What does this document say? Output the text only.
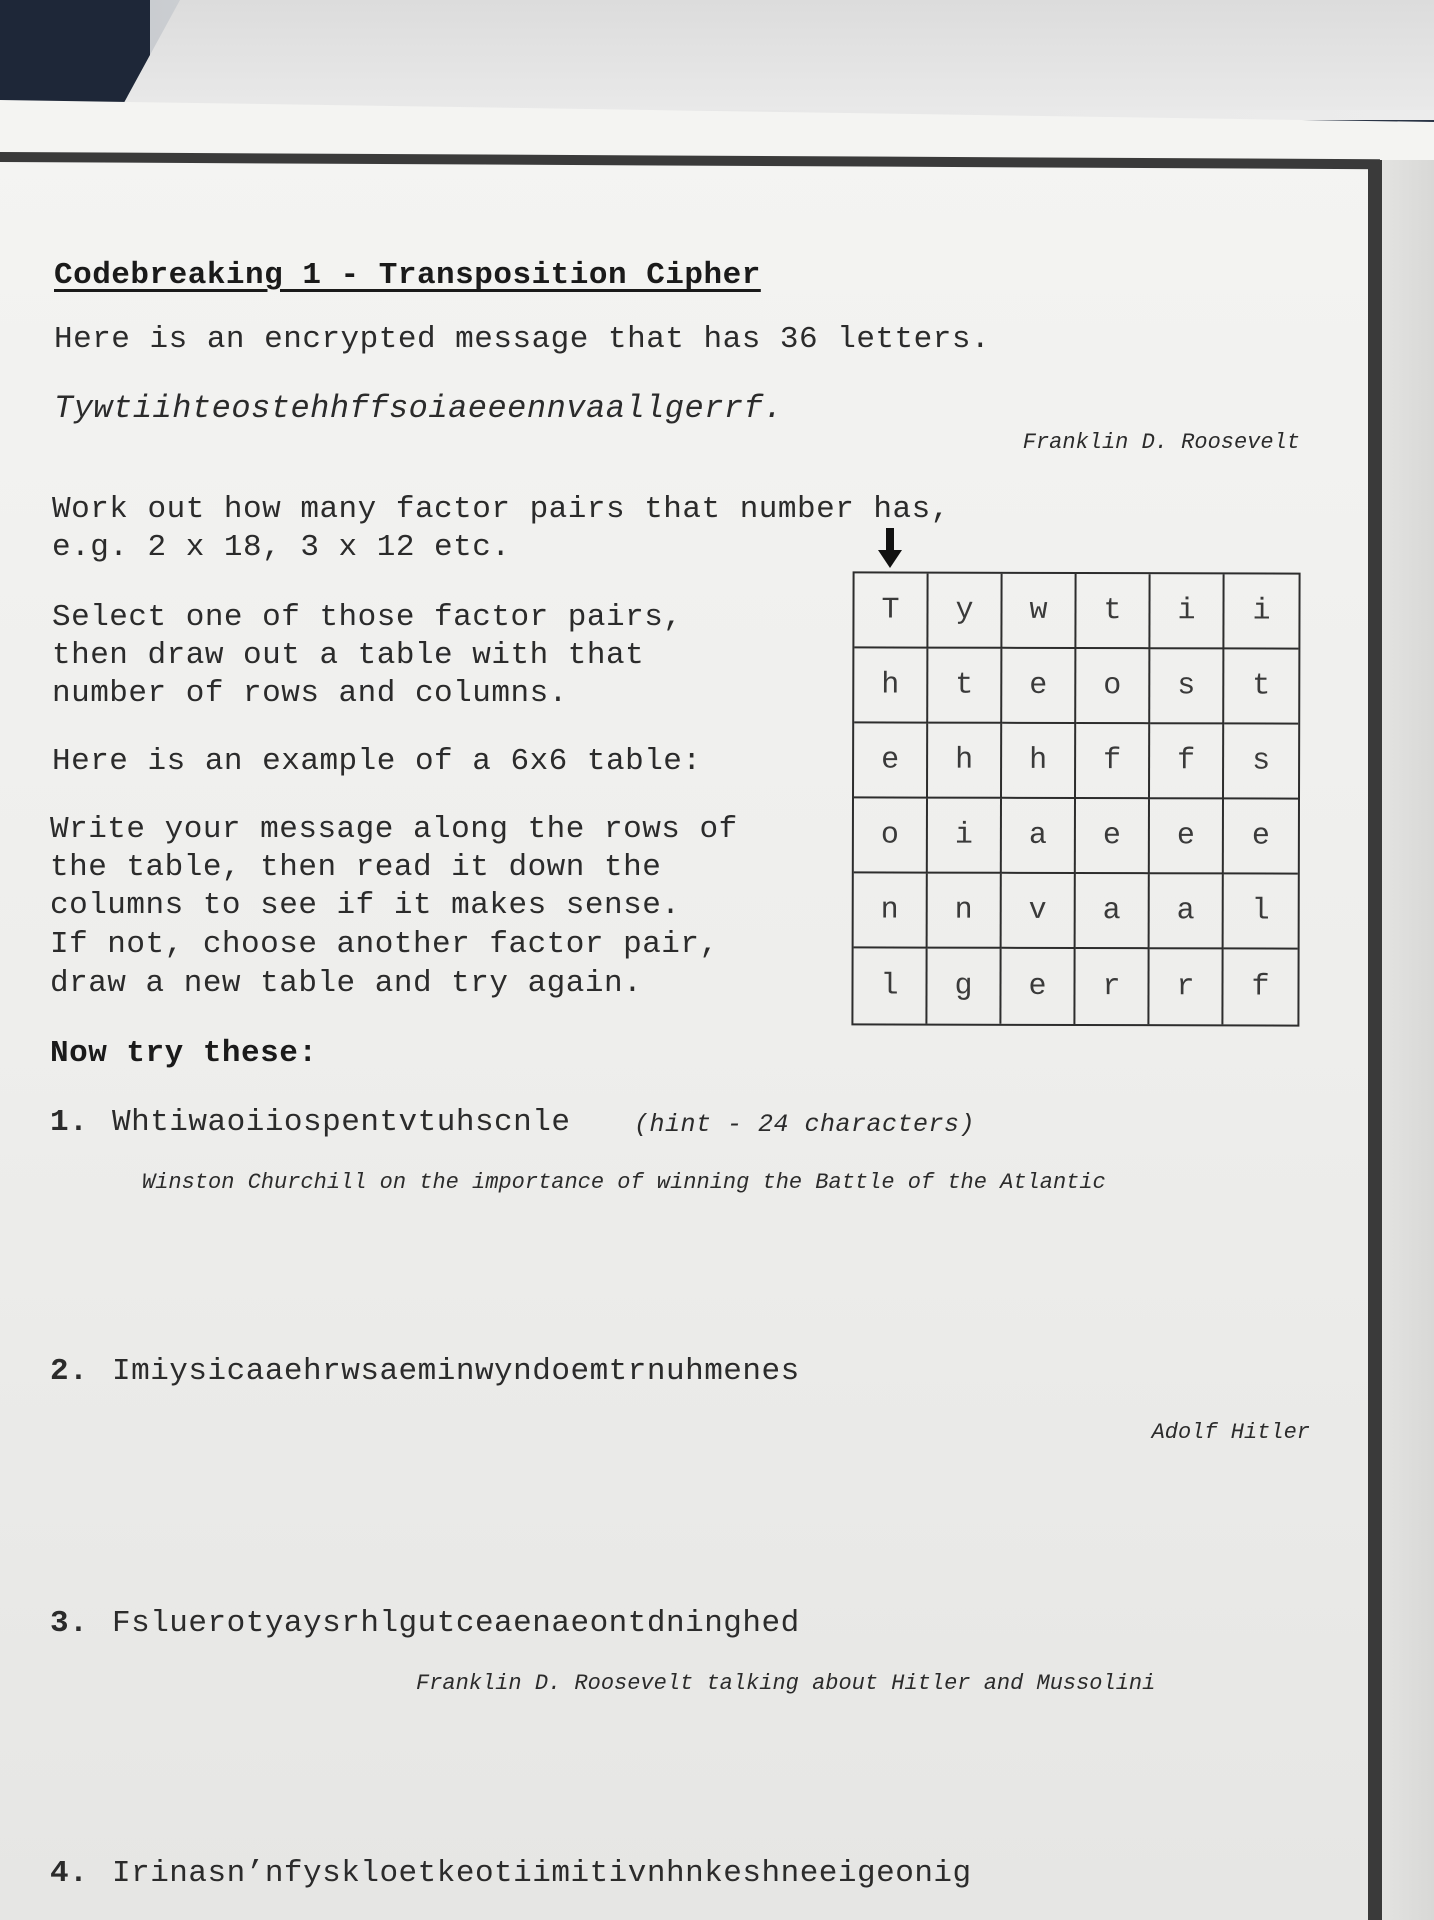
Codebreaking 1 - Transposition Cipher
Here is an encrypted message that has 36 letters.
Tywtiihteostehhffsoiaeeennvaallgerrf.
Franklin D. Roosevelt
Work out how many factor pairs that number has,
e.g. 2 x 18, 3 x 12 etc.
Select one of those factor pairs,
then draw out a table with that
number of rows and columns.
Here is an example of a 6x6 table:
Write your message along the rows of
the table, then read it down the
columns to see if it makes sense.
If not, choose another factor pair,
draw a new table and try again.
T	y	w	t	i	i
h	t	e	o	s	t
e	h	h	f	f	s
o	i	a	e	e	e
n	n	v	a	a	l
l	g	e	r	r	f
Now try these:
1. Whtiwaoiiospentvtuhscnle	(hint - 24 characters)
Winston Churchill on the importance of winning the Battle of the Atlantic
2. Imiysicaaehrwsaeminwyndoemtrnuhmenes
Adolf Hitler
3. Fsluerotyaysrhlgutceaenaeontdninghed
Franklin D. Roosevelt talking about Hitler and Mussolini
4. Irinasn’nfyskloetkeotiimitivnhnkeshneeigeonig
